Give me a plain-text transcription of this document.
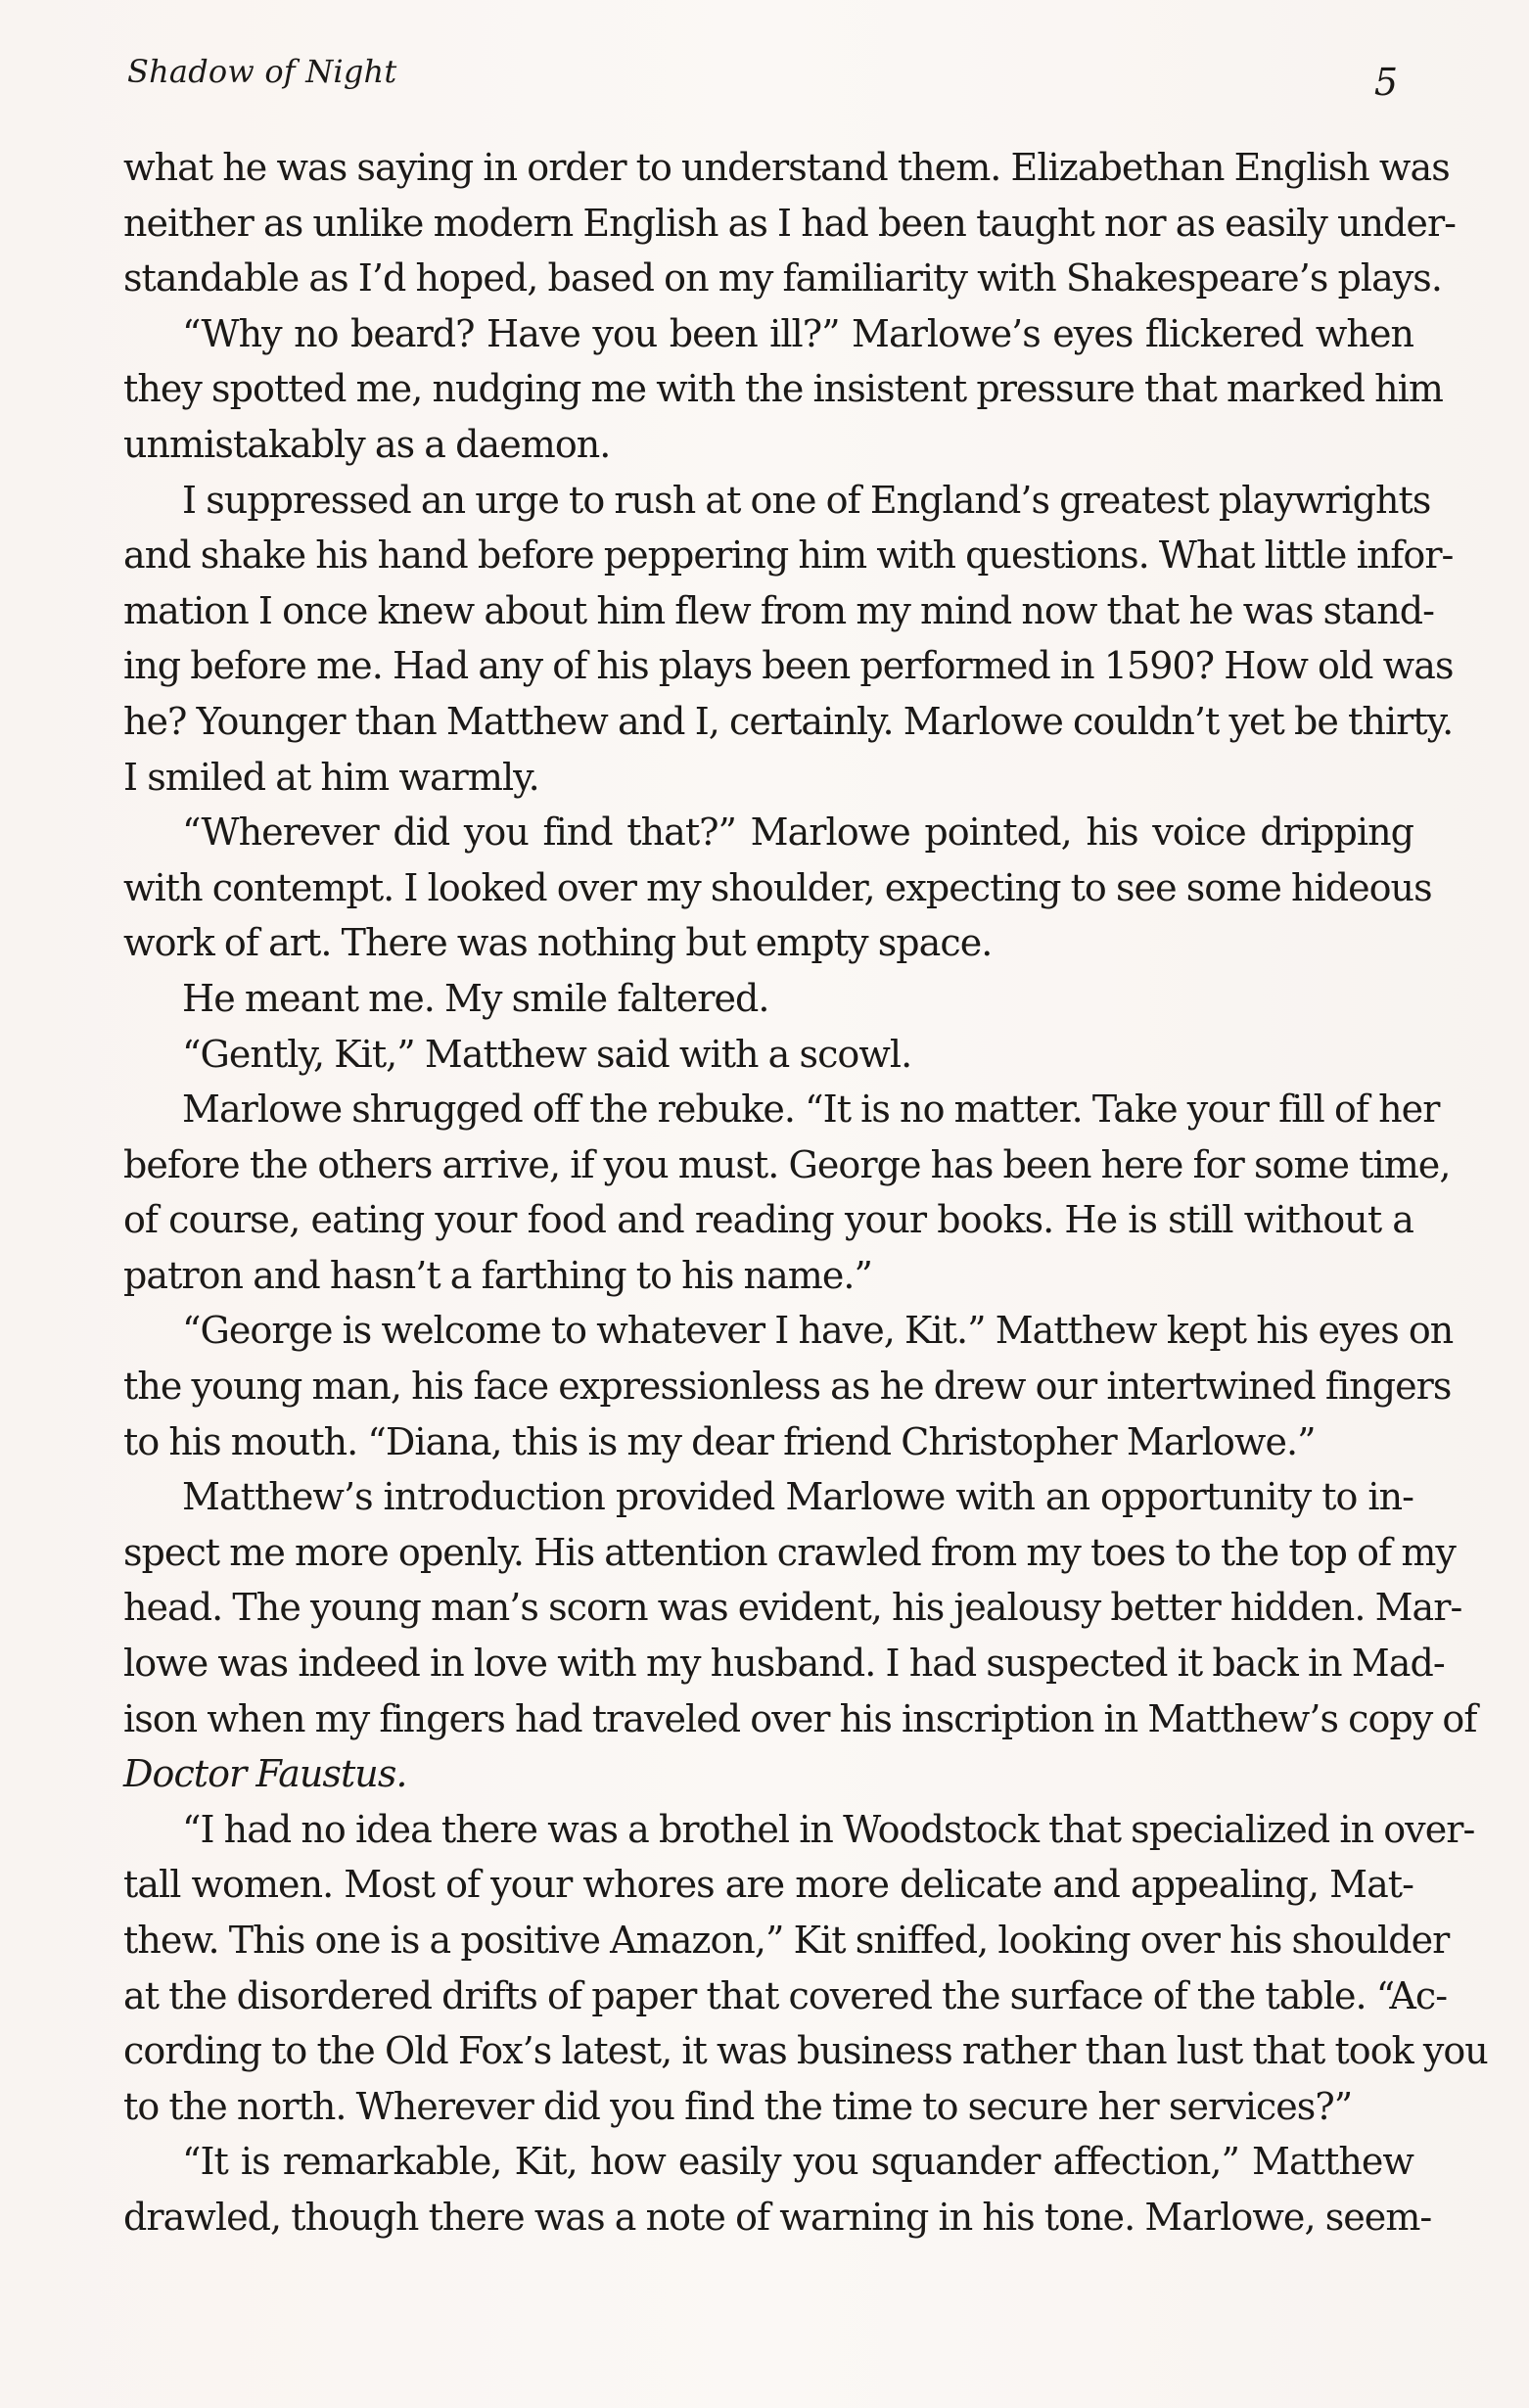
Shadow of Night	5
what he was saying in order to understand them. Elizabethan English was
neither as unlike modern English as I had been taught nor as easily under-
standable as I’d hoped, based on my familiarity with Shakespeare’s plays.
“Why no beard? Have you been ill?” Marlowe’s eyes flickered when
they spotted me, nudging me with the insistent pressure that marked him
unmistakably as a daemon.
I suppressed an urge to rush at one of England’s greatest playwrights
and shake his hand before peppering him with questions. What little infor-
mation I once knew about him flew from my mind now that he was stand-
ing before me. Had any of his plays been performed in 1590? How old was
he? Younger than Matthew and I, certainly. Marlowe couldn’t yet be thirty.
I smiled at him warmly.
“Wherever did you find that?” Marlowe pointed, his voice dripping
with contempt. I looked over my shoulder, expecting to see some hideous
work of art. There was nothing but empty space.
He meant me. My smile faltered.
“Gently, Kit,” Matthew said with a scowl.
Marlowe shrugged off the rebuke. “It is no matter. Take your fill of her
before the others arrive, if you must. George has been here for some time,
of course, eating your food and reading your books. He is still without a
patron and hasn’t a farthing to his name.”
“George is welcome to whatever I have, Kit.” Matthew kept his eyes on
the young man, his face expressionless as he drew our intertwined fingers
to his mouth. “Diana, this is my dear friend Christopher Marlowe.”
Matthew’s introduction provided Marlowe with an opportunity to in-
spect me more openly. His attention crawled from my toes to the top of my
head. The young man’s scorn was evident, his jealousy better hidden. Mar-
lowe was indeed in love with my husband. I had suspected it back in Mad-
ison when my fingers had traveled over his inscription in Matthew’s copy of
Doctor Faustus.
“I had no idea there was a brothel in Woodstock that specialized in over-
tall women. Most of your whores are more delicate and appealing, Mat-
thew. This one is a positive Amazon,” Kit sniffed, looking over his shoulder
at the disordered drifts of paper that covered the surface of the table. “Ac-
cording to the Old Fox’s latest, it was business rather than lust that took you
to the north. Wherever did you find the time to secure her services?”
“It is remarkable, Kit, how easily you squander affection,” Matthew
drawled, though there was a note of warning in his tone. Marlowe, seem-
